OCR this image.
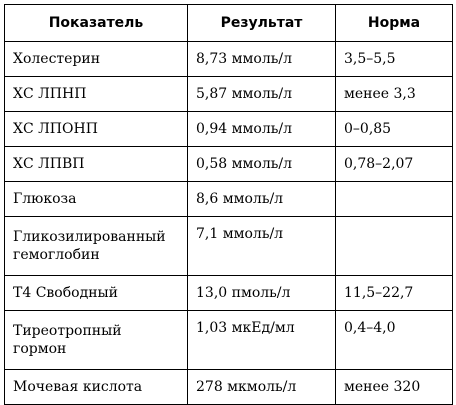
Показатель	Результат	Норма
Холестерин	8,73 ммоль/л	3,5–5,5
ХС ЛПНП	5,87 ммоль/л	менее 3,3
ХС ЛПОНП	0,94 ммоль/л	0–0,85
ХС ЛПВП	0,58 ммоль/л	0,78–2,07
Глюкоза	8,6 ммоль/л	
Гликозилированный гемоглобин	7,1 ммоль/л	
Т4 Свободный	13,0 пмоль/л	11,5–22,7
Тиреотропный гормон	1,03 мкЕд/мл	0,4–4,0
Мочевая кислота	278 мкмоль/л	менее 320
